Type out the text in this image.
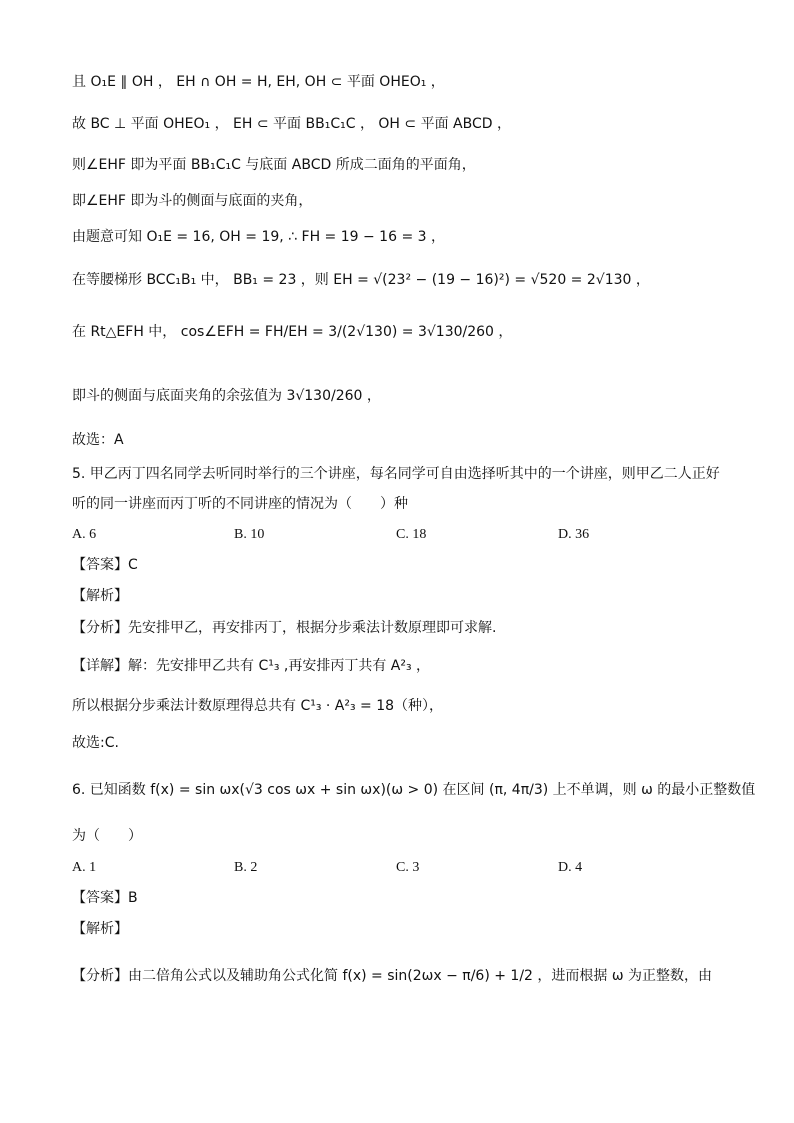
且 O₁E ∥ OH ， EH ∩ OH = H, EH, OH ⊂ 平面 OHEO₁ ，
故 BC ⊥ 平面 OHEO₁ ， EH ⊂ 平面 BB₁C₁C ， OH ⊂ 平面 ABCD ，
则∠EHF 即为平面 BB₁C₁C 与底面 ABCD 所成二面角的平面角，
即∠EHF 即为斗的侧面与底面的夹角，
由题意可知 O₁E = 16, OH = 19, ∴ FH = 19 − 16 = 3 ，
在等腰梯形 BCC₁B₁ 中， BB₁ = 23 ，则 EH = √(23² − (19 − 16)²) = √520 = 2√130 ，
在 Rt△EFH 中， cos∠EFH = FH/EH = 3/(2√130) = 3√130/260 ，
即斗的侧面与底面夹角的余弦值为 3√130/260 ，
故选：A
5. 甲乙丙丁四名同学去听同时举行的三个讲座，每名同学可自由选择听其中的一个讲座，则甲乙二人正好
听的同一讲座而丙丁听的不同讲座的情况为（　　）种
A. 6	B. 10	C. 18	D. 36
【答案】C
【解析】
【分析】先安排甲乙，再安排丙丁，根据分步乘法计数原理即可求解.
【详解】解：先安排甲乙共有 C¹₃ ,再安排丙丁共有 A²₃ ，
所以根据分步乘法计数原理得总共有 C¹₃ · A²₃ = 18（种），
故选:C.
6. 已知函数 f(x) = sin ωx(√3 cos ωx + sin ωx)(ω > 0) 在区间 (π, 4π/3) 上不单调，则 ω 的最小正整数值
为（　　）
A. 1	B. 2	C. 3	D. 4
【答案】B
【解析】
【分析】由二倍角公式以及辅助角公式化简 f(x) = sin(2ωx − π/6) + 1/2 ，进而根据 ω 为正整数，由
